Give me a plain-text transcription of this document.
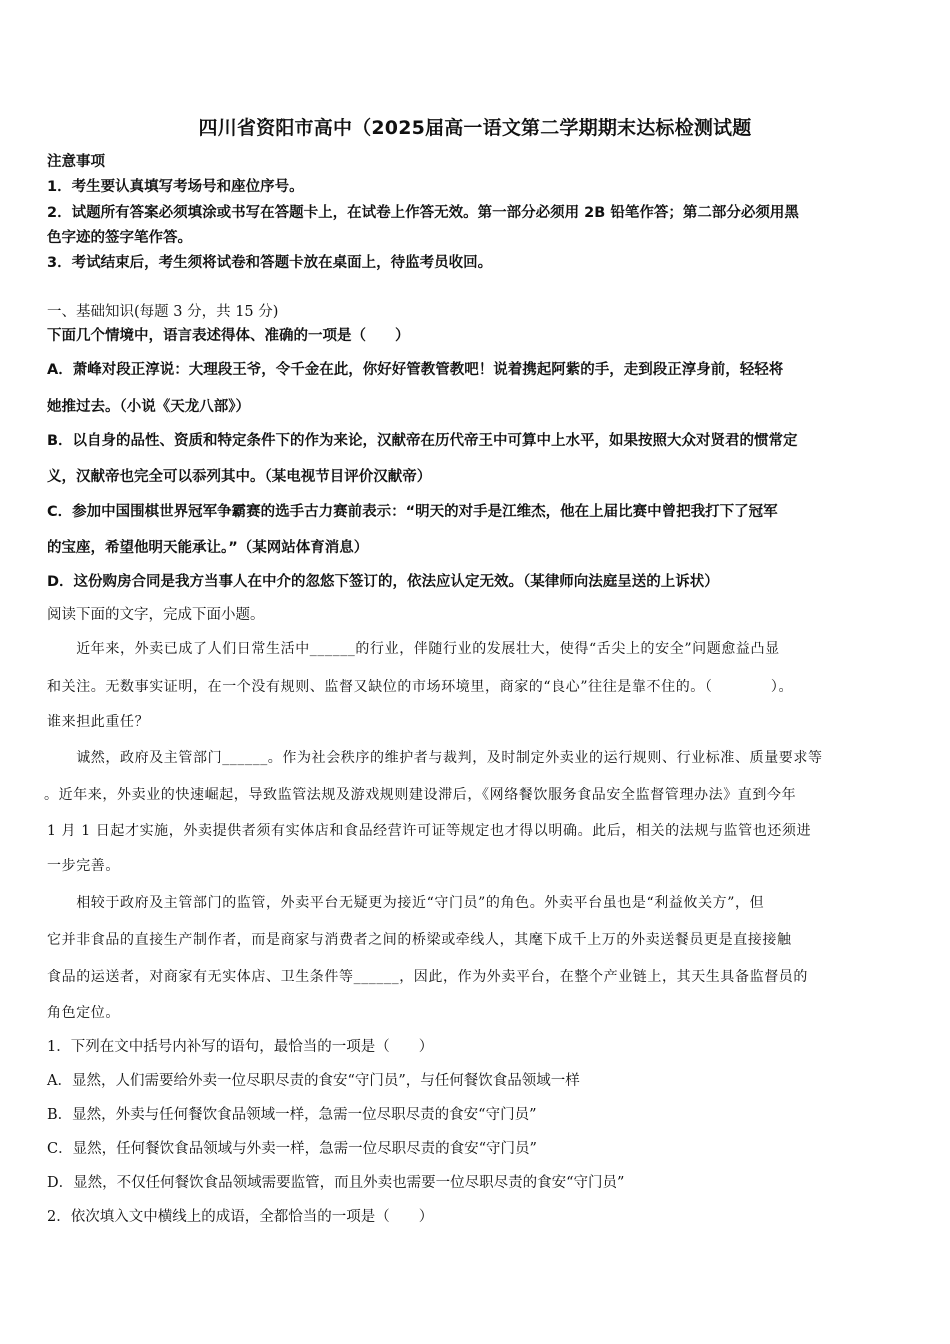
四川省资阳市高中（2025届高一语文第二学期期末达标检测试题
注意事项
1．考生要认真填写考场号和座位序号。
2．试题所有答案必须填涂或书写在答题卡上，在试卷上作答无效。第一部分必须用 2B 铅笔作答；第二部分必须用黑
色字迹的签字笔作答。
3．考试结束后，考生须将试卷和答题卡放在桌面上，待监考员收回。
一、基础知识(每题 3 分，共 15 分)
下面几个情境中，语言表述得体、准确的一项是（　　）
A．萧峰对段正淳说：大理段王爷，令千金在此，你好好管教管教吧！说着携起阿紫的手，走到段正淳身前，轻轻将
她推过去。（小说《天龙八部》）
B．以自身的品性、资质和特定条件下的作为来论，汉献帝在历代帝王中可算中上水平，如果按照大众对贤君的惯常定
义，汉献帝也完全可以忝列其中。（某电视节目评价汉献帝）
C．参加中国围棋世界冠军争霸赛的选手古力赛前表示：“明天的对手是江维杰，他在上届比赛中曾把我打下了冠军
的宝座，希望他明天能承让。”（某网站体育消息）
D．这份购房合同是我方当事人在中介的忽悠下签订的，依法应认定无效。（某律师向法庭呈送的上诉状）
阅读下面的文字，完成下面小题。
　　近年来，外卖已成了人们日常生活中______的行业，伴随行业的发展壮大，使得“舌尖上的安全”问题愈益凸显
和关注。无数事实证明，在一个没有规则、监督又缺位的市场环境里，商家的“良心”往往是靠不住的。（　　　　）。
谁来担此重任？
　　诚然，政府及主管部门______。作为社会秩序的维护者与裁判，及时制定外卖业的运行规则、行业标准、质量要求等
。近年来，外卖业的快速崛起，导致监管法规及游戏规则建设滞后，《网络餐饮服务食品安全监督管理办法》直到今年
1 月 1 日起才实施，外卖提供者须有实体店和食品经营许可证等规定也才得以明确。此后，相关的法规与监管也还须进
一步完善。
　　相较于政府及主管部门的监管，外卖平台无疑更为接近“守门员”的角色。外卖平台虽也是“利益攸关方”，但
它并非食品的直接生产制作者，而是商家与消费者之间的桥梁或牵线人，其麾下成千上万的外卖送餐员更是直接接触
食品的运送者，对商家有无实体店、卫生条件等______，因此，作为外卖平台，在整个产业链上，其天生具备监督员的
角色定位。
1．下列在文中括号内补写的语句，最恰当的一项是（　　）
A．显然，人们需要给外卖一位尽职尽责的食安“守门员”，与任何餐饮食品领域一样
B．显然，外卖与任何餐饮食品领域一样，急需一位尽职尽责的食安“守门员”
C．显然，任何餐饮食品领域与外卖一样，急需一位尽职尽责的食安“守门员”
D．显然，不仅任何餐饮食品领域需要监管，而且外卖也需要一位尽职尽责的食安“守门员”
2．依次填入文中横线上的成语，全都恰当的一项是（　　）
